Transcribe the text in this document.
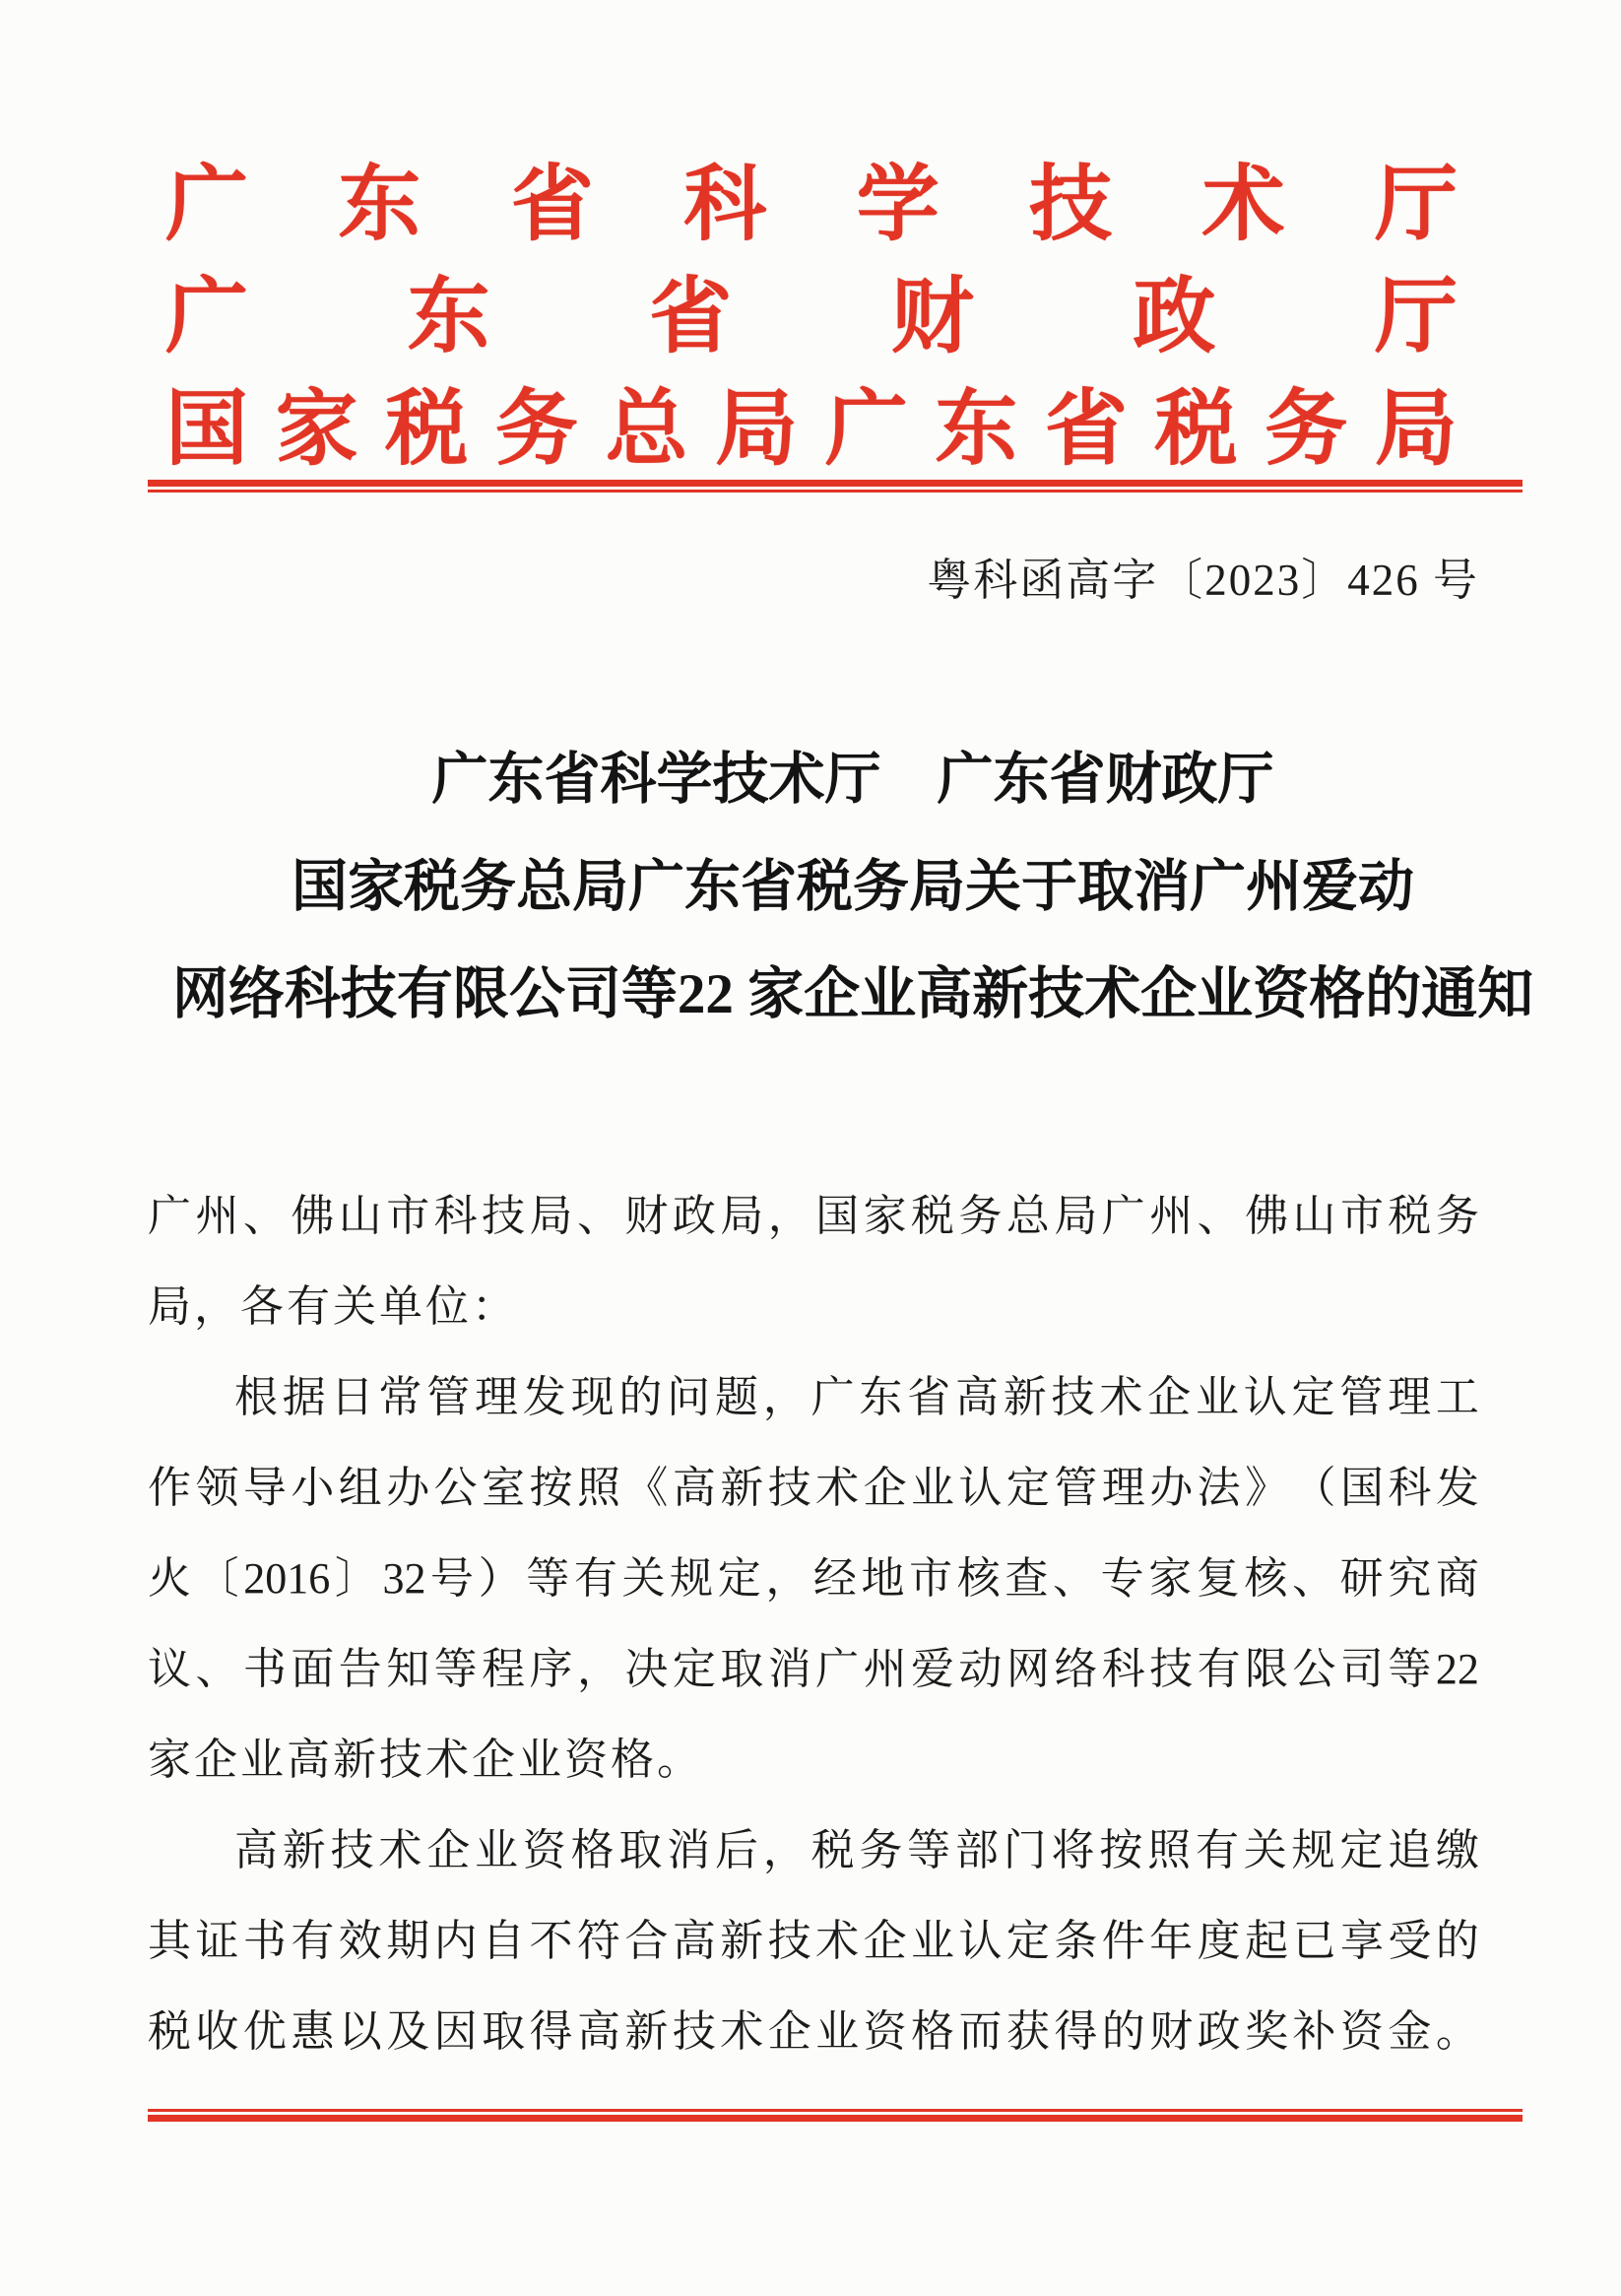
广 东 省 科 学 技 术 厅
广 东 省 财 政 厅
国 家 税 务 总 局 广 东 省 税 务 局
粤科函高字〔2023〕426 号
广东省科学技术厅　广东省财政厅
国家税务总局广东省税务局关于取消广州爱动
网络科技有限公司等22 家企业高新技术企业资格的通知
广 州 、 佛 山 市 科 技 局 、 财 政 局 ， 国 家 税 务 总 局 广 州 、 佛 山 市 税 务
局，各有关单位：
根 据 日 常 管 理 发 现 的 问 题 ， 广 东 省 高 新 技 术 企 业 认 定 管 理 工
作 领 导 小 组 办 公 室 按 照 《 高 新 技 术 企 业 认 定 管 理 办 法 》 （ 国 科 发
火 〔 2016 〕 32 号 ） 等 有 关 规 定 ， 经 地 市 核 查 、 专 家 复 核 、 研 究 商
议 、 书 面 告 知 等 程 序 ， 决 定 取 消 广 州 爱 动 网 络 科 技 有 限 公 司 等 22
家企业高新技术企业资格。
高 新 技 术 企 业 资 格 取 消 后 ， 税 务 等 部 门 将 按 照 有 关 规 定 追 缴
其 证 书 有 效 期 内 自 不 符 合 高 新 技 术 企 业 认 定 条 件 年 度 起 已 享 受 的
税 收 优 惠 以 及 因 取 得 高 新 技 术 企 业 资 格 而 获 得 的 财 政 奖 补 资 金 。
